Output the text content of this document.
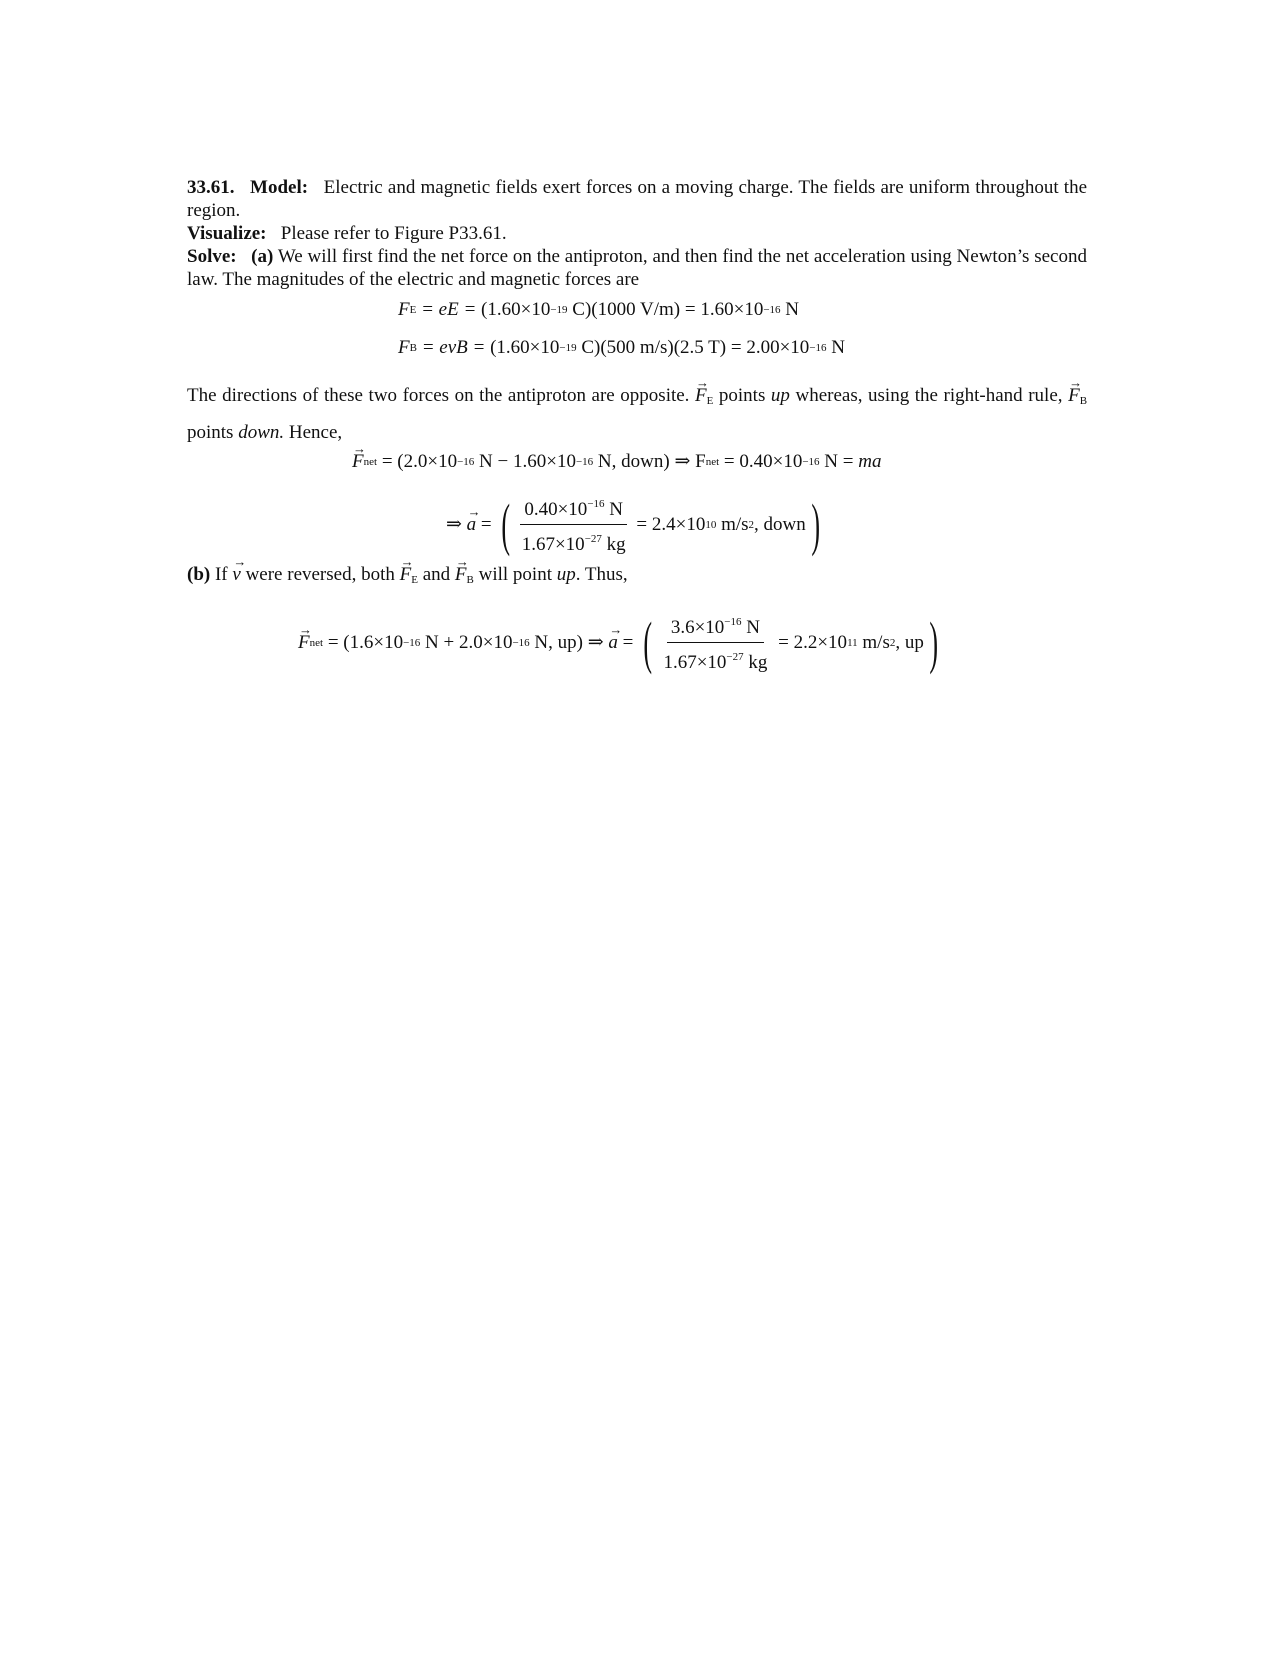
33.61. Model: Electric and magnetic fields exert forces on a moving charge. The fields are uniform throughout the region.
Visualize: Please refer to Figure P33.61.
Solve: (a) We will first find the net force on the antiproton, and then find the net acceleration using Newton’s second law. The magnitudes of the electric and magnetic forces are
F E = eE = (1.60×10 −19 C)(1000 V/m) = 1.60×10 −16 N
F B = evB = (1.60×10 −19 C)(500 m/s)(2.5 T) = 2.00×10 −16 N
The directions of these two forces on the antiproton are opposite. → $F_E$ points up whereas, using the right-hand rule, → $F_B$ points down. Hence,
→ F net = (2.0×10 −16 N − 1.60×10 −16 N, down) ⇒ F net = 0.40×10 −16 N = ma
⇒ → a = ( $\frac{0.40\times 10^{-16} N}{1.67\times 10^{-27} kg} = 2.4\times 10$ 10 m/s 2 , down )
(b) If → v were reversed, both → $F_E$ and → $F_B$ will point up. Thus,
→ F net = (1.6×10 −16 N + 2.0×10 −16 N, up) ⇒ → a = ( $\frac{3.6\times 10^{-16} N}{1.67\times 10^{-27} kg} = 2.2\times 10$ 11 m/s 2 , up )
